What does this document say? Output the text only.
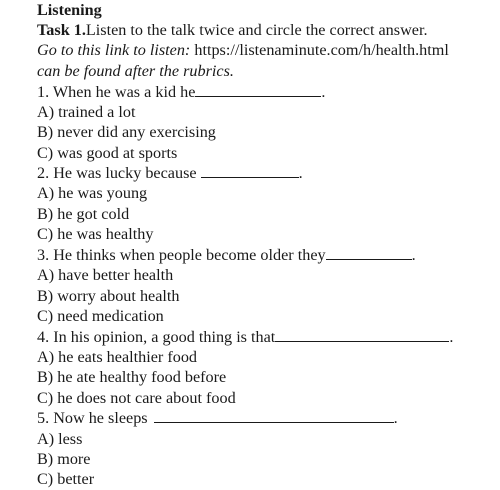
Listening
Task 1.Listen to the talk twice and circle the correct answer.
Go to this link to listen: https://listenaminute.com/h/health.html
can be found after the rubrics.
1. When he was a kid he	.
A) trained a lot
B) never did any exercising
C) was good at sports
2. He was lucky because	.
A) he was young
B) he got cold
C) he was healthy
3. He thinks when people become older they	.
A) have better health
B) worry about health
C) need medication
4. In his opinion, a good thing is that	.
A) he eats healthier food
B) he ate healthy food before
C) he does not care about food
5. Now he sleeps	.
A) less
B) more
C) better
